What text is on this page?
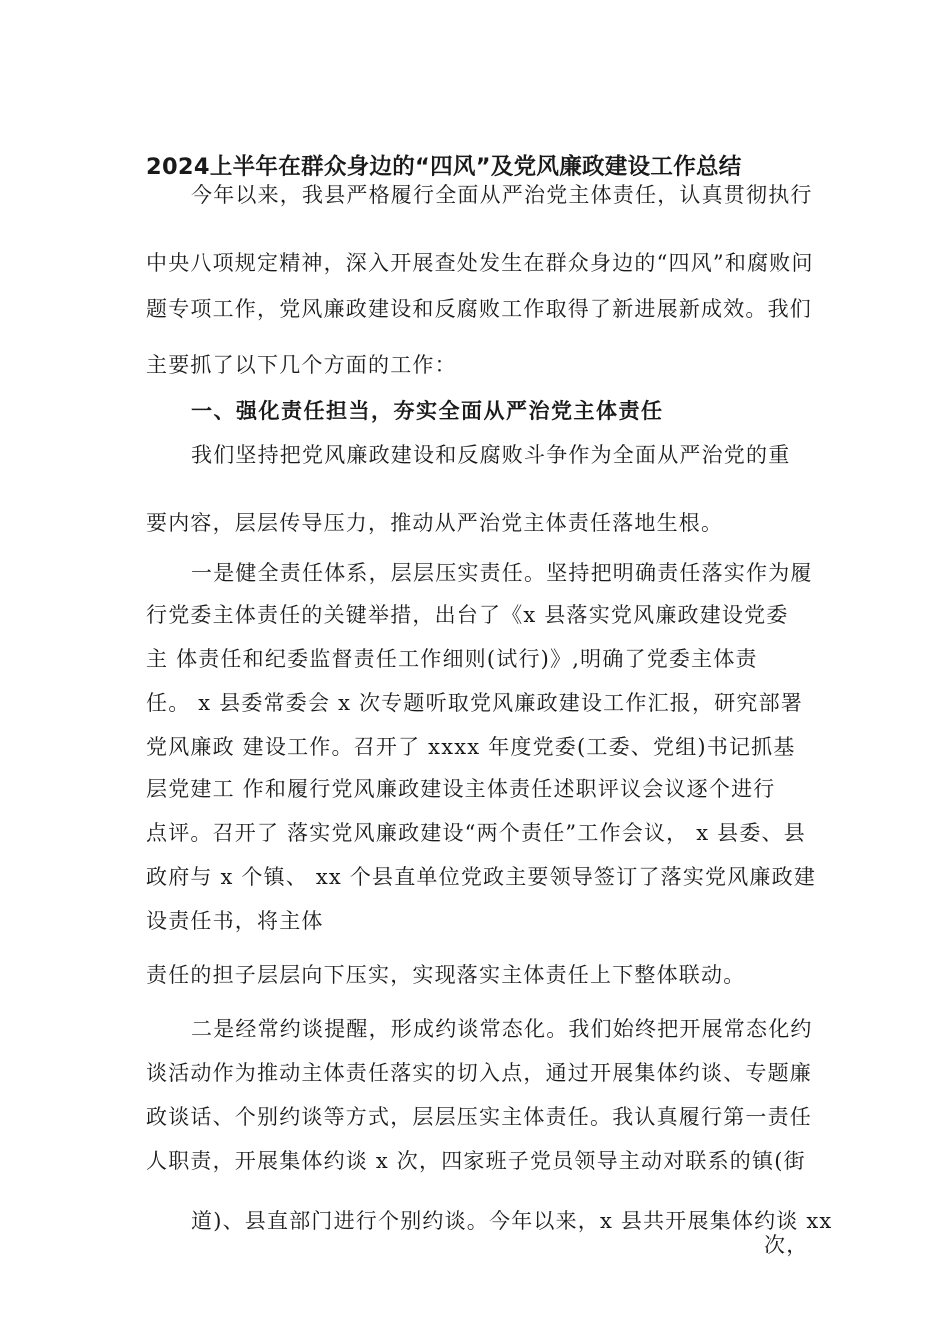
2024上半年在群众身边的“四风”及党风廉政建设工作总结
今年以来，我县严格履行全面从严治党主体责任，认真贯彻执行
中央八项规定精神，深入开展查处发生在群众身边的“四风”和腐败问
题专项工作，党风廉政建设和反腐败工作取得了新进展新成效。我们
主要抓了以下几个方面的工作：
一、强化责任担当，夯实全面从严治党主体责任
我们坚持把党风廉政建设和反腐败斗争作为全面从严治党的重
要内容，层层传导压力，推动从严治党主体责任落地生根。
一是健全责任体系，层层压实责任。坚持把明确责任落实作为履
行党委主体责任的关键举措，出台了《x 县落实党风廉政建设党委
主 体责任和纪委监督责任工作细则(试行)》,明确了党委主体责
任。 x 县委常委会 x 次专题听取党风廉政建设工作汇报，研究部署
党风廉政 建设工作。召开了 xxxx 年度党委(工委、党组)书记抓基
层党建工 作和履行党风廉政建设主体责任述职评议会议逐个进行
点评。召开了 落实党风廉政建设“两个责任”工作会议， x 县委、县
政府与 x 个镇、 xx 个县直单位党政主要领导签订了落实党风廉政建
设责任书，将主体
责任的担子层层向下压实，实现落实主体责任上下整体联动。
二是经常约谈提醒，形成约谈常态化。我们始终把开展常态化约
谈活动作为推动主体责任落实的切入点，通过开展集体约谈、专题廉
政谈话、个别约谈等方式，层层压实主体责任。我认真履行第一责任
人职责，开展集体约谈 x 次，四家班子党员领导主动对联系的镇(街
道)、县直部门进行个别约谈。今年以来，x 县共开展集体约谈 xx
次，
